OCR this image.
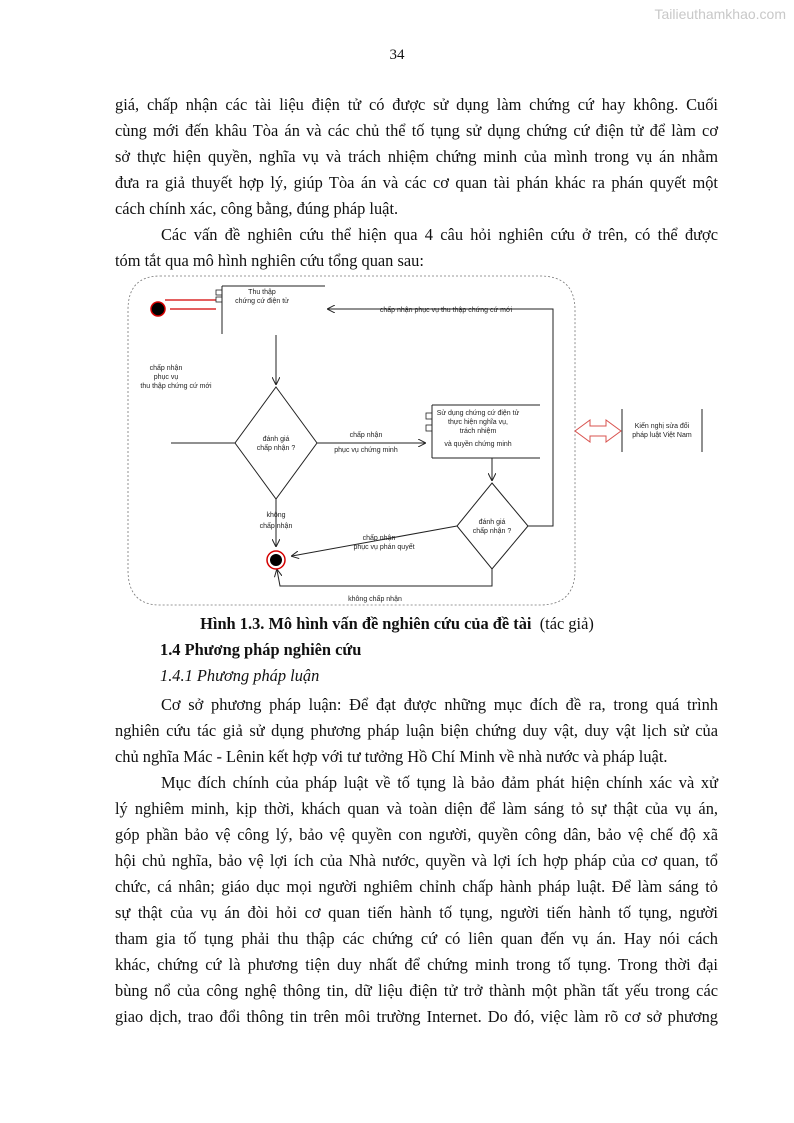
Tailieuthamkhao.com
34
giá, chấp nhận các tài liệu điện tử có được sử dụng làm chứng cứ hay không. Cuối
cùng mới đến khâu Tòa án và các chủ thể tố tụng sử dụng chứng cứ điện tử để làm cơ
sở thực hiện quyền, nghĩa vụ và trách nhiệm chứng minh của mình trong vụ án nhằm
đưa ra giả thuyết hợp lý, giúp Tòa án và các cơ quan tài phán khác ra phán quyết một
cách chính xác, công bằng, đúng pháp luật.
Các vấn đề nghiên cứu thể hiện qua 4 câu hỏi nghiên cứu ở trên, có thể được
tóm tắt qua mô hình nghiên cứu tổng quan sau:
Thu thập
chứng cứ điện tử
đánh giá
chấp nhận ?
chấp nhận
phục vụ
thu thập chứng cứ mới
chấp nhận
phục vụ chứng minh
Sử dụng chứng cứ điện tử
thực hiện nghĩa vụ,
trách nhiệm
và quyền chứng minh
đánh giá
chấp nhận ?
chấp nhận phục vụ thu thập chứng cứ mới
không
chấp nhận
chấp nhận
phục vụ phán quyết
không chấp nhận
Kiến nghị sửa đổi
pháp luật Việt Nam
Hình 1.3. Mô hình vấn đề nghiên cứu của đề tài (tác giả)
1.4 Phương pháp nghiên cứu
1.4.1 Phương pháp luận
Cơ sở phương pháp luận: Để đạt được những mục đích đề ra, trong quá trình
nghiên cứu tác giả sử dụng phương pháp luận biện chứng duy vật, duy vật lịch sử của
chủ nghĩa Mác - Lênin kết hợp với tư tưởng Hồ Chí Minh về nhà nước và pháp luật.
Mục đích chính của pháp luật về tố tụng là bảo đảm phát hiện chính xác và xử
lý nghiêm minh, kịp thời, khách quan và toàn diện để làm sáng tỏ sự thật của vụ án,
góp phần bảo vệ công lý, bảo vệ quyền con người, quyền công dân, bảo vệ chế độ xã
hội chủ nghĩa, bảo vệ lợi ích của Nhà nước, quyền và lợi ích hợp pháp của cơ quan, tổ
chức, cá nhân; giáo dục mọi người nghiêm chỉnh chấp hành pháp luật. Để làm sáng tỏ
sự thật của vụ án đòi hỏi cơ quan tiến hành tố tụng, người tiến hành tố tụng, người
tham gia tố tụng phải thu thập các chứng cứ có liên quan đến vụ án. Hay nói cách
khác, chứng cứ là phương tiện duy nhất để chứng minh trong tố tụng. Trong thời đại
bùng nổ của công nghệ thông tin, dữ liệu điện tử trở thành một phần tất yếu trong các
giao dịch, trao đổi thông tin trên môi trường Internet. Do đó, việc làm rõ cơ sở phương
